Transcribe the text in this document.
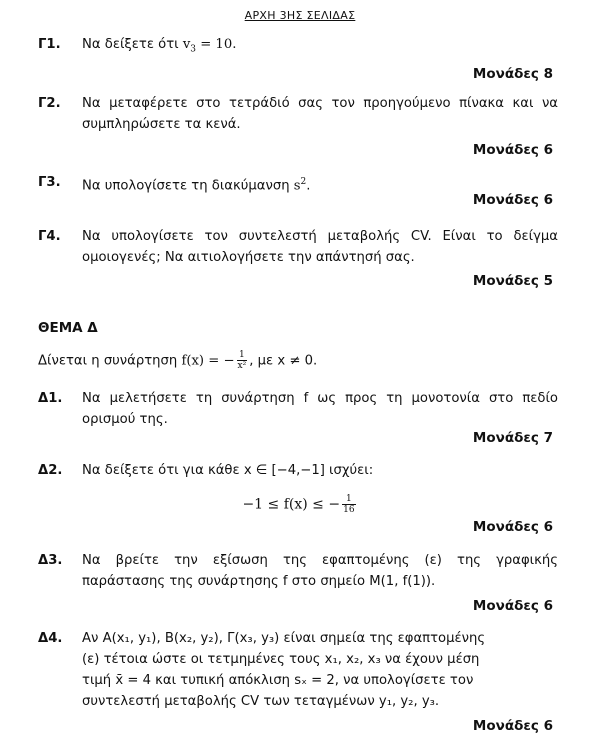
ΑΡΧΗ 3ΗΣ ΣΕΛΙΔΑΣ
Γ1. Να δείξετε ότι $v_3 = 10$.
Μονάδες 8
Γ2. Να μεταφέρετε στο τετράδιό σας τον προηγούμενο πίνακα και να συμπληρώσετε τα κενά.
Μονάδες 6
Γ3. Να υπολογίσετε τη διακύμανση $s^2$.
Μονάδες 6
Γ4. Να υπολογίσετε τον συντελεστή μεταβολής CV. Είναι το δείγμα ομοιογενές; Να αιτιολογήσετε την απάντησή σας.
Μονάδες 5
ΘΕΜΑ Δ
Δίνεται η συνάρτηση f(x) = − $\frac{1}{\text{x²}}$ , με x ≠ 0.
Δ1. Να μελετήσετε τη συνάρτηση f ως προς τη μονοτονία στο πεδίο ορισμού της.
Μονάδες 7
Δ2. Να δείξετε ότι για κάθε x ∈ [−4,−1] ισχύει:
−1 ≤ f(x) ≤ − $\frac{1}{16}$
Μονάδες 6
Δ3. Να βρείτε την εξίσωση της εφαπτομένης (ε) της γραφικής παράστασης της συνάρτησης f στο σημείο M(1, f(1)).
Μονάδες 6
Δ4. Αν A(x₁, y₁), B(x₂, y₂), Γ(x₃, y₃) είναι σημεία της εφαπτομένης
(ε) τέτοια ώστε οι τετμημένες τους x₁, x₂, x₃ να έχουν μέση
τιμή x̄ = 4 και τυπική απόκλιση sₓ = 2, να υπολογίσετε τον
συντελεστή μεταβολής CV των τεταγμένων y₁, y₂, y₃.
Μονάδες 6
